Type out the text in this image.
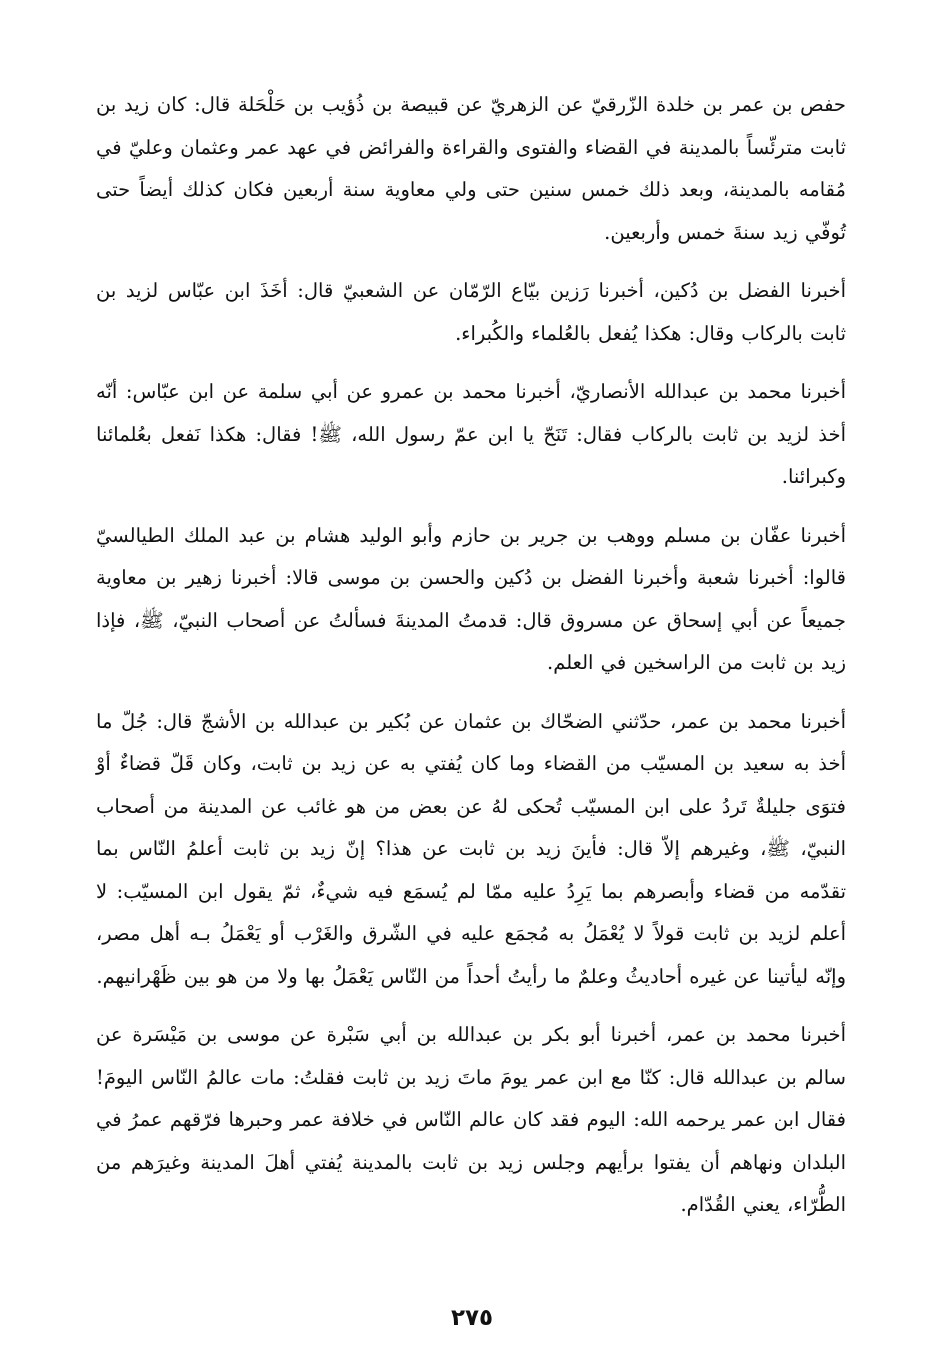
حفص بن عمر بن خلدة الزّرقيّ عن الزهريّ عن قبيصة بن ذُؤيب بن حَلْحَلة قال: كان زيد بن ثابت مترئّساً بالمدينة في القضاء والفتوى والقراءة والفرائض في عهد عمر وعثمان وعليّ في مُقامه بالمدينة، وبعد ذلك خمس سنين حتى ولي معاوية سنة أربعين فكان كذلك أيضاً حتى تُوفّي زيد سنةَ خمس وأربعين.

أخبرنا الفضل بن دُكين، أخبرنا رَزين بيّاع الرّمّان عن الشعبيّ قال: أخَذَ ابن عبّاس لزيد بن ثابت بالركاب وقال: هكذا يُفعل بالعُلماء والكُبراء.

أخبرنا محمد بن عبدالله الأنصاريّ، أخبرنا محمد بن عمرو عن أبي سلمة عن ابن عبّاس: أنّه أخذ لزيد بن ثابت بالركاب فقال: تَنَحّ يا ابن عمّ رسول الله، ﷺ! فقال: هكذا نَفعل بعُلمائنا وكبرائنا.

أخبرنا عفّان بن مسلم ووهب بن جرير بن حازم وأبو الوليد هشام بن عبد الملك الطيالسيّ قالوا: أخبرنا شعبة وأخبرنا الفضل بن دُكين والحسن بن موسى قالا: أخبرنا زهير بن معاوية جميعاً عن أبي إسحاق عن مسروق قال: قدمتُ المدينةَ فسألتُ عن أصحاب النبيّ، ﷺ، فإذا زيد بن ثابت من الراسخين في العلم.

أخبرنا محمد بن عمر، حدّثني الضحّاك بن عثمان عن بُكير بن عبدالله بن الأشجّ قال: جُلّ ما أخذ به سعيد بن المسيّب من القضاء وما كان يُفتي به عن زيد بن ثابت، وكان قَلّ قضاءٌ أوْ فتوَى جليلةٌ تَردُ على ابن المسيّب تُحكى لهُ عن بعض من هو غائب عن المدينة من أصحاب النبيّ، ﷺ، وغيرهم إلاّ قال: فأينَ زيد بن ثابت عن هذا؟ إنّ زيد بن ثابت أعلمُ النّاس بما تقدّمه من قضاء وأبصرهم بما يَرِدُ عليه ممّا لم يُسمَع فيه شيءٌ، ثمّ يقول ابن المسيّب: لا أعلم لزيد بن ثابت قولاً لا يُعْمَلُ به مُجمَع عليه في الشّرق والغَرْب أو يَعْمَلُ بـه أهل مصر، وإنّه ليأتينا عن غيره أحاديثُ وعلمٌ ما رأيتُ أحداً من النّاس يَعْمَلُ بها ولا من هو بين ظَهْرانيهم.

أخبرنا محمد بن عمر، أخبرنا أبو بكر بن عبدالله بن أبي سَبْرة عن موسى بن مَيْسَرة عن سالم بن عبدالله قال: كنّا مع ابن عمر يومَ ماتَ زيد بن ثابت فقلتُ: مات عالمُ النّاس اليومَ! فقال ابن عمر يرحمه الله: اليوم فقد كان عالم النّاس في خلافة عمر وحبرها فرّقهم عمرُ في البلدان ونهاهم أن يفتوا برأيهم وجلس زيد بن ثابت بالمدينة يُفتي أهلَ المدينة وغيرَهم من الطُّرّاء، يعني القُدّام.

٢٧٥
